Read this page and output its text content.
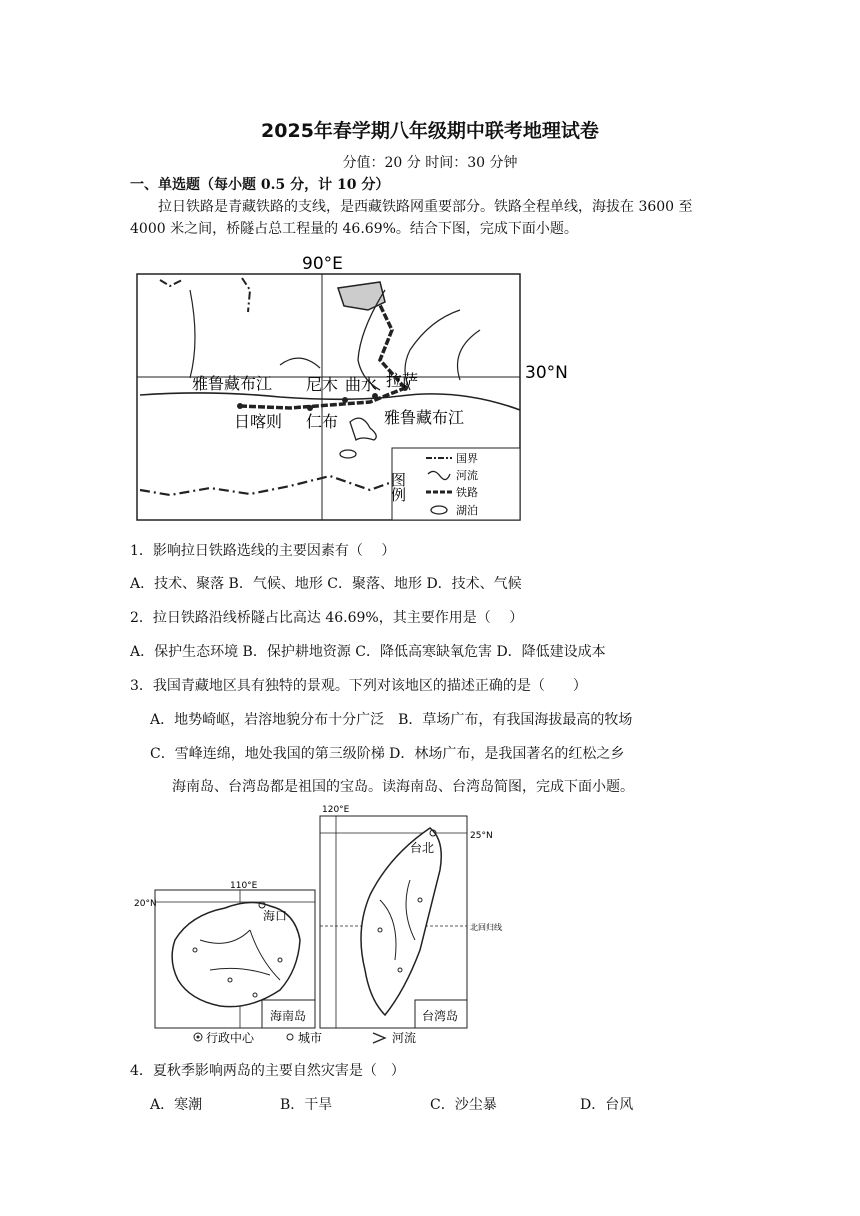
2025年春学期八年级期中联考地理试卷
分值：20 分 时间：30 分钟
一、单选题（每小题 0.5 分，计 10 分）
拉日铁路是青藏铁路的支线，是西藏铁路网重要部分。铁路全程单线，海拔在 3600 至
4000 米之间，桥隧占总工程量的 46.69%。结合下图，完成下面小题。
90°E
30°N
雅鲁藏布江 尼木 曲水 拉萨
日喀则 仁布	雅鲁藏布江
图例
国界
河流
铁路
湖泊
1．影响拉日铁路选线的主要因素有（　 ）
A．技术、聚落 B．气候、地形 C．聚落、地形 D．技术、气候
2．拉日铁路沿线桥隧占比高达 46.69%，其主要作用是（　 ）
A．保护生态环境 B．保护耕地资源 C．降低高寒缺氧危害 D．降低建设成本
3．我国青藏地区具有独特的景观。下列对该地区的描述正确的是（　　）
A．地势崎岖，岩溶地貌分布十分广泛　B．草场广布，有我国海拔最高的牧场
C．雪峰连绵，地处我国的第三级阶梯 D．林场广布，是我国著名的红松之乡
海南岛、台湾岛都是祖国的宝岛。读海南岛、台湾岛简图，完成下面小题。
110°E
20°N
海口
海南岛
120°E
25°N
北回归线
台北
台湾岛
行政中心	城市	河流
4．夏秋季影响两岛的主要自然灾害是（　）
A．寒潮	B．干旱	C．沙尘暴	D．台风
